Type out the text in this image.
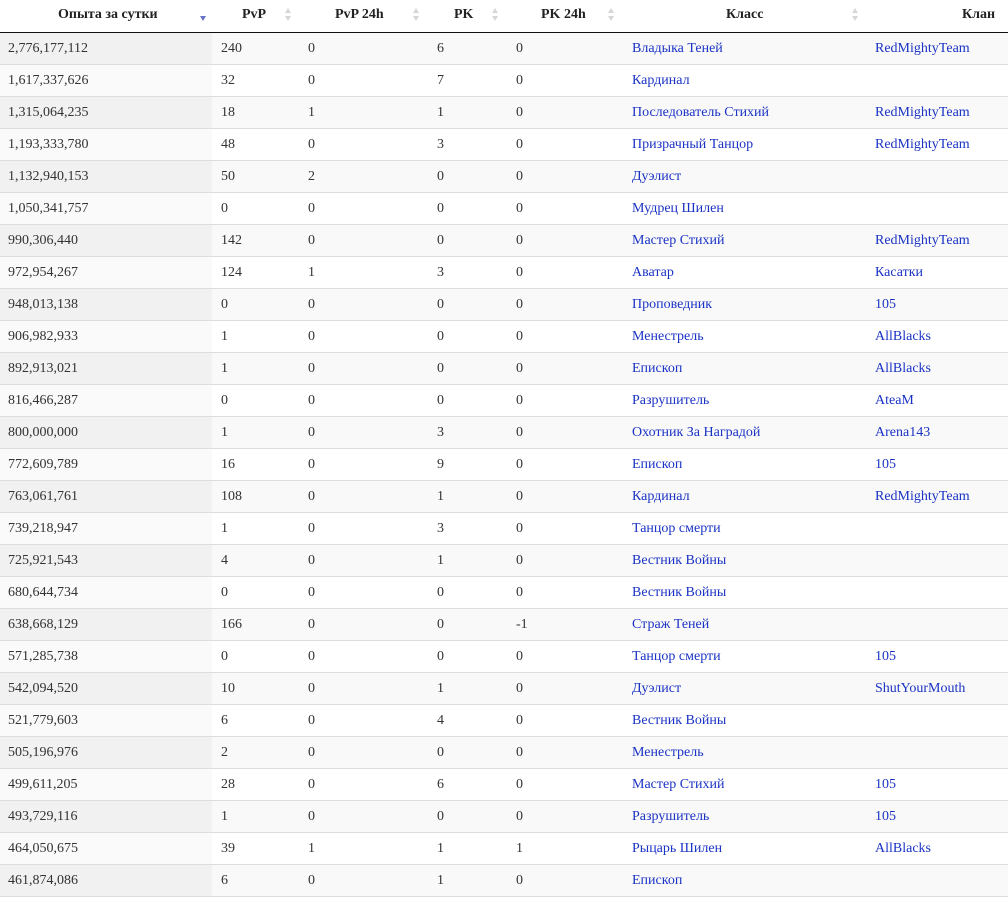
Опыта за сутки	PvP	PvP 24h	PK	PK 24h	Класс	Клан

2,776,177,112	240	0	6	0	Владыка Теней	RedMightyTeam
1,617,337,626	32	0	7	0	Кардинал	
1,315,064,235	18	1	1	0	Последователь Стихий	RedMightyTeam
1,193,333,780	48	0	3	0	Призрачный Танцор	RedMightyTeam
1,132,940,153	50	2	0	0	Дуэлист	
1,050,341,757	0	0	0	0	Мудрец Шилен	
990,306,440	142	0	0	0	Мастер Стихий	RedMightyTeam
972,954,267	124	1	3	0	Аватар	Касатки
948,013,138	0	0	0	0	Проповедник	105
906,982,933	1	0	0	0	Менестрель	AllBlacks
892,913,021	1	0	0	0	Епископ	AllBlacks
816,466,287	0	0	0	0	Разрушитель	AteaM
800,000,000	1	0	3	0	Охотник За Наградой	Arena143
772,609,789	16	0	9	0	Епископ	105
763,061,761	108	0	1	0	Кардинал	RedMightyTeam
739,218,947	1	0	3	0	Танцор смерти	
725,921,543	4	0	1	0	Вестник Войны	
680,644,734	0	0	0	0	Вестник Войны	
638,668,129	166	0	0	-1	Страж Теней	
571,285,738	0	0	0	0	Танцор смерти	105
542,094,520	10	0	1	0	Дуэлист	ShutYourMouth
521,779,603	6	0	4	0	Вестник Войны	
505,196,976	2	0	0	0	Менестрель	
499,611,205	28	0	6	0	Мастер Стихий	105
493,729,116	1	0	0	0	Разрушитель	105
464,050,675	39	1	1	1	Рыцарь Шилен	AllBlacks
461,874,086	6	0	1	0	Епископ	
